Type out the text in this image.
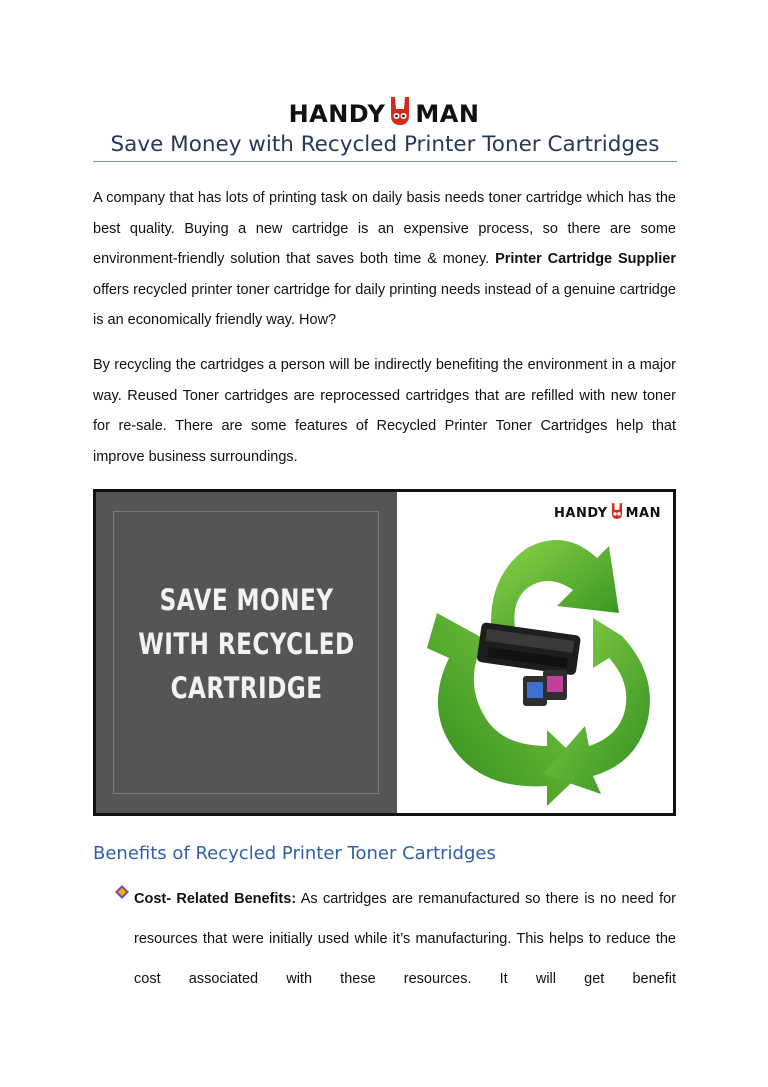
HANDY MAN
Save Money with Recycled Printer Toner Cartridges

A company that has lots of printing task on daily basis needs toner cartridge which has the best quality. Buying a new cartridge is an expensive process, so there are some environment-friendly solution that saves both time & money. Printer Cartridge Supplier offers recycled printer toner cartridge for daily printing needs instead of a genuine cartridge is an economically friendly way. How?

By recycling the cartridges a person will be indirectly benefiting the environment in a major way. Reused Toner cartridges are reprocessed cartridges that are refilled with new toner for re-sale. There are some features of Recycled Printer Toner Cartridges help that improve business surroundings.

SAVE MONEY
WITH RECYCLED
CARTRIDGE
HANDY MAN
Benefits of Recycled Printer Toner Cartridges

Cost- Related Benefits: As cartridges are remanufactured so there is no need for resources that were initially used while it’s manufacturing. This helps to reduce the cost associated with these resources. It will get benefit
